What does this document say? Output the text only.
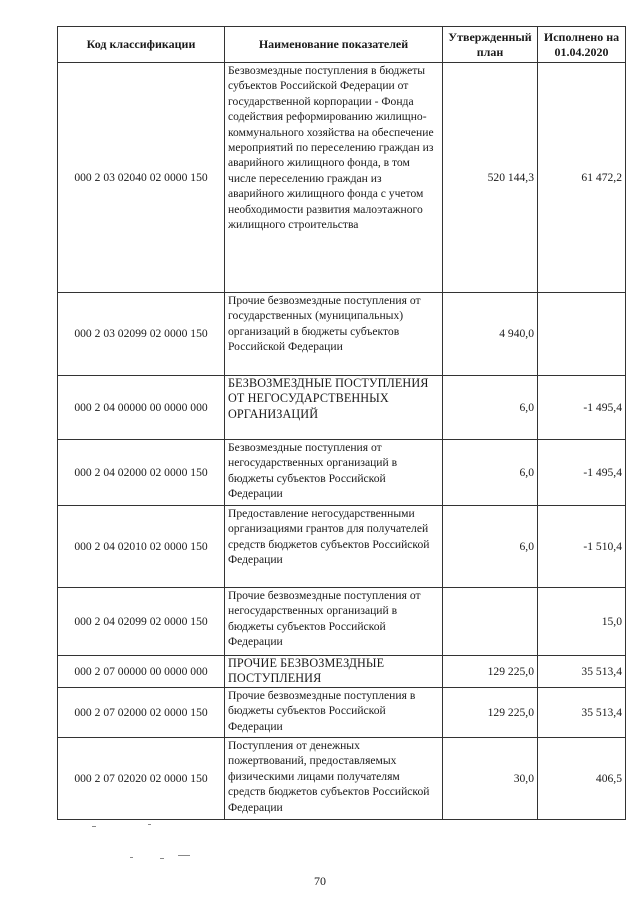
Код классификации	Наименование показателей	Утвержденный план	Исполнено на 01.04.2020
000 2 03 02040 02 0000 150	Безвозмездные поступления в бюджеты субъектов Российской Федерации от государственной корпорации - Фонда содействия реформированию жилищно-коммунального хозяйства на обеспечение мероприятий по переселению граждан из аварийного жилищного фонда, в том числе переселению граждан из аварийного жилищного фонда с учетом необходимости развития малоэтажного жилищного строительства	520 144,3	61 472,2
000 2 03 02099 02 0000 150	Прочие безвозмездные поступления от государственных (муниципальных) организаций в бюджеты субъектов Российской Федерации	4 940,0	
000 2 04 00000 00 0000 000	БЕЗВОЗМЕЗДНЫЕ ПОСТУПЛЕНИЯ ОТ НЕГОСУДАРСТВЕННЫХ ОРГАНИЗАЦИЙ	6,0	-1 495,4
000 2 04 02000 02 0000 150	Безвозмездные поступления от негосударственных организаций в бюджеты субъектов Российской Федерации	6,0	-1 495,4
000 2 04 02010 02 0000 150	Предоставление негосударственными организациями грантов для получателей средств бюджетов субъектов Российской Федерации	6,0	-1 510,4
000 2 04 02099 02 0000 150	Прочие безвозмездные поступления от негосударственных организаций в бюджеты субъектов Российской Федерации		15,0
000 2 07 00000 00 0000 000	ПРОЧИЕ БЕЗВОЗМЕЗДНЫЕ ПОСТУПЛЕНИЯ	129 225,0	35 513,4
000 2 07 02000 02 0000 150	Прочие безвозмездные поступления в бюджеты субъектов Российской Федерации	129 225,0	35 513,4
000 2 07 02020 02 0000 150	Поступления от денежных пожертвований, предоставляемых физическими лицами получателям средств бюджетов субъектов Российской Федерации	30,0	406,5
70
